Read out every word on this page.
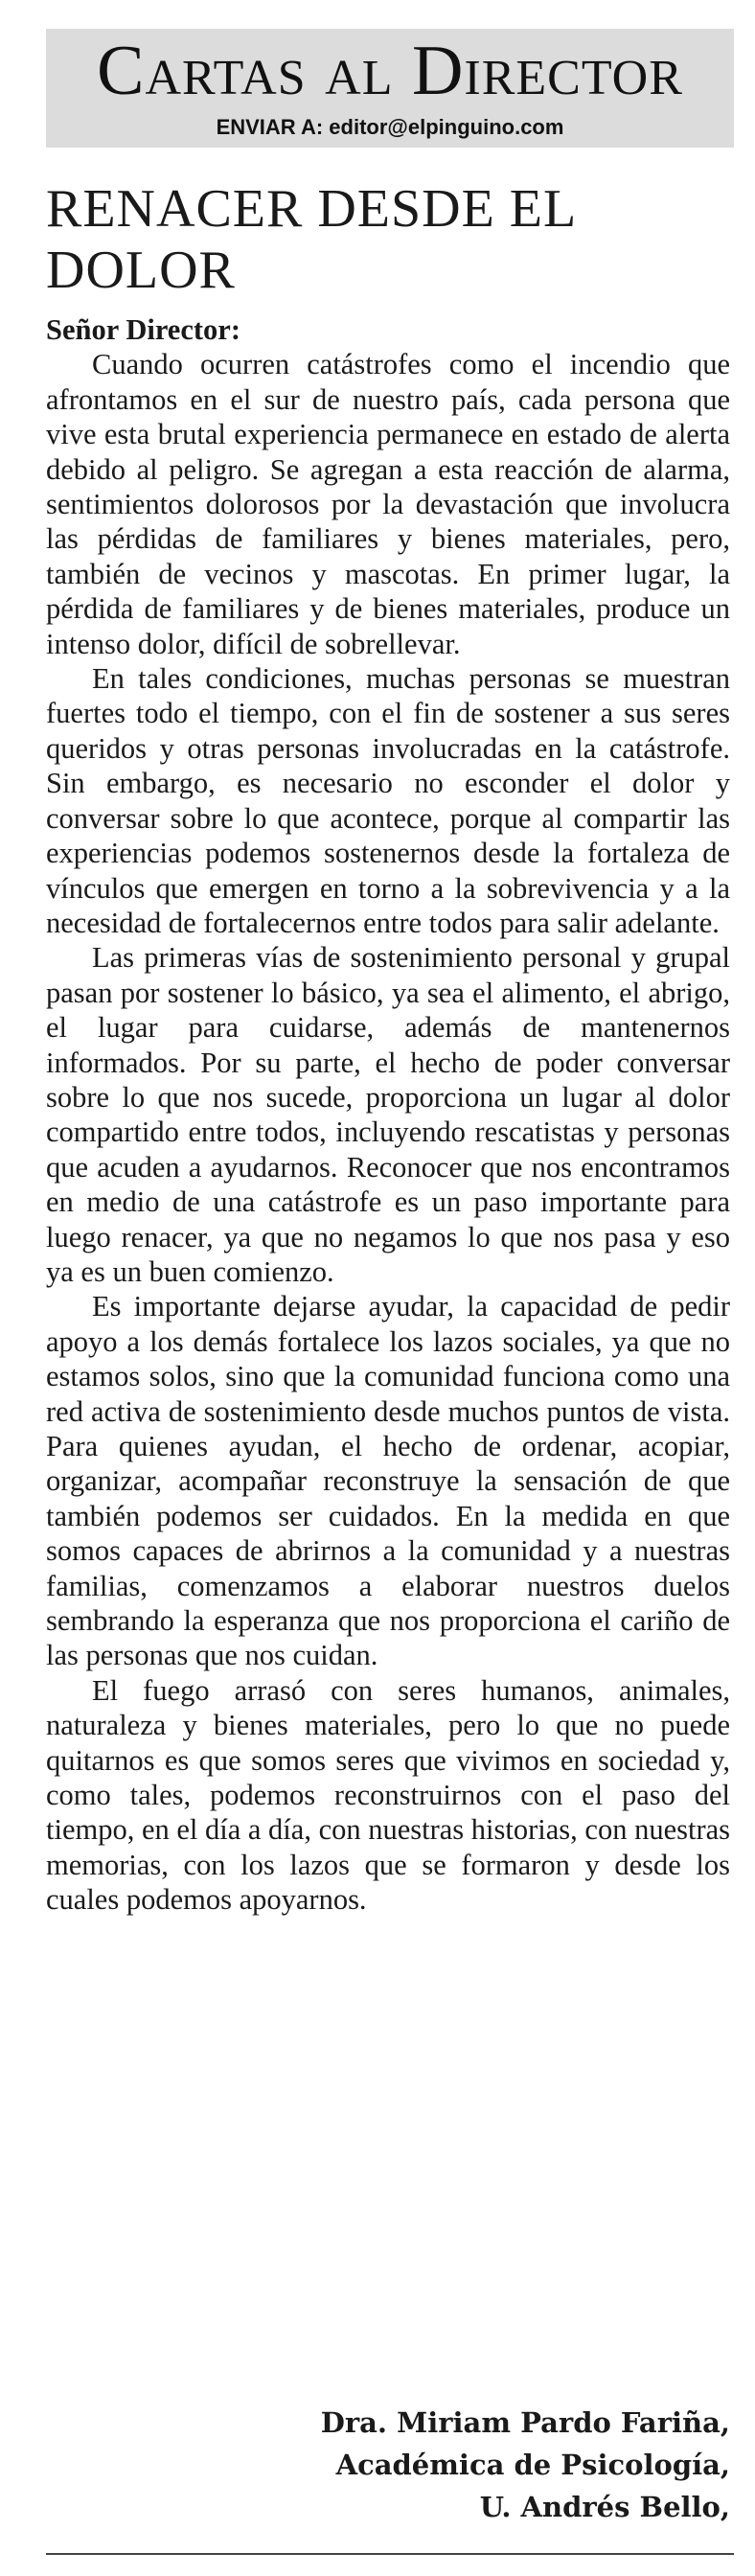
Cartas al Director
ENVIAR A: editor@elpinguino.com
RENACER DESDE EL DOLOR

Señor Director:

Cuando ocurren catástrofes como el incendio que afrontamos en el sur de nuestro país, cada persona que vive esta brutal experiencia permanece en estado de alerta debido al peligro. Se agregan a esta reacción de alarma, sentimientos dolorosos por la devastación que involucra las pérdidas de familiares y bienes materiales, pero, también de vecinos y mascotas. En primer lugar, la pérdida de familiares y de bienes materiales, produce un intenso dolor, difícil de sobrellevar.

En tales condiciones, muchas personas se muestran fuertes todo el tiempo, con el fin de sostener a sus seres queridos y otras personas involucradas en la catástrofe. Sin embargo, es necesario no esconder el dolor y conversar sobre lo que acontece, porque al compartir las experiencias podemos sostenernos desde la fortaleza de vínculos que emergen en torno a la sobrevivencia y a la necesidad de fortalecernos entre todos para salir adelante.

Las primeras vías de sostenimiento personal y grupal pasan por sostener lo básico, ya sea el alimento, el abrigo, el lugar para cuidarse, además de mantenernos informados. Por su parte, el hecho de poder conversar sobre lo que nos sucede, proporciona un lugar al dolor compartido entre todos, incluyendo rescatistas y personas que acuden a ayudarnos. Reconocer que nos encontramos en medio de una catástrofe es un paso importante para luego renacer, ya que no negamos lo que nos pasa y eso ya es un buen comienzo.

Es importante dejarse ayudar, la capacidad de pedir apoyo a los demás fortalece los lazos sociales, ya que no estamos solos, sino que la comunidad funciona como una red activa de sostenimiento desde muchos puntos de vista. Para quienes ayudan, el hecho de ordenar, acopiar, organizar, acompañar reconstruye la sensación de que también podemos ser cuidados. En la medida en que somos capaces de abrirnos a la comunidad y a nuestras familias, comenzamos a elaborar nuestros duelos sembrando la esperanza que nos proporciona el cariño de las personas que nos cuidan.

El fuego arrasó con seres humanos, animales, naturaleza y bienes materiales, pero lo que no puede quitarnos es que somos seres que vivimos en sociedad y, como tales, podemos reconstruirnos con el paso del tiempo, en el día a día, con nuestras historias, con nuestras memorias, con los lazos que se formaron y desde los cuales podemos apoyarnos.

Dra. Miriam Pardo Fariña,
Académica de Psicología,
U. Andrés Bello,
